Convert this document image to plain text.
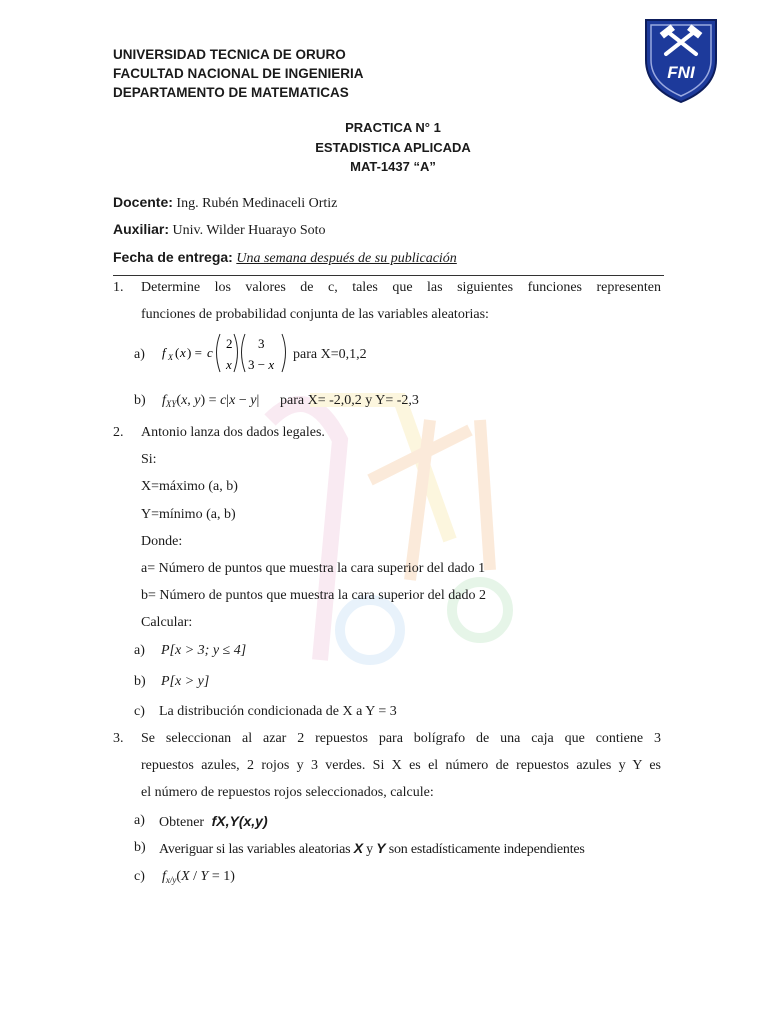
UNIVERSIDAD TECNICA DE ORURO
FACULTAD NACIONAL DE INGENIERIA
DEPARTAMENTO DE MATEMATICAS
FNI
PRACTICA N° 1
ESTADISTICA APLICADA
MAT-1437 “A”
Docente: Ing. Rubén Medinaceli Ortiz
Auxiliar: Univ. Wilder Huarayo Soto
Fecha de entrega: Una semana después de su publicación
1. Determine los valores de c, tales que las siguientes funciones representen
funciones de probabilidad conjunta de las variables aleatorias:
a) f X ( x ) = c
2
x
3
3 − x
para X=0,1,2
b) $f_{XY}(x$, y) = c|x − y| para X= -2,0,2 y Y= -2,3
2. Antonio lanza dos dados legales.
Si:
X=máximo (a, b)
Y=mínimo (a, b)
Donde:
a= Número de puntos que muestra la cara superior del dado 1
b= Número de puntos que muestra la cara superior del dado 2
Calcular:
a) P[x > 3; y ≤ 4]
b) P[x > y]
c) La distribución condicionada de X a Y = 3
3. Se seleccionan al azar 2 repuestos para bolígrafo de una caja que contiene 3
repuestos azules, 2 rojos y 3 verdes. Si X es el número de repuestos azules y Y es
el número de repuestos rojos seleccionados, calcule:
a) Obtener fX,Y(x,y)
b) Averiguar si las variables aleatorias X y Y son estadísticamente independientes
c) $f_{x/y}(X / Y = 1)$
